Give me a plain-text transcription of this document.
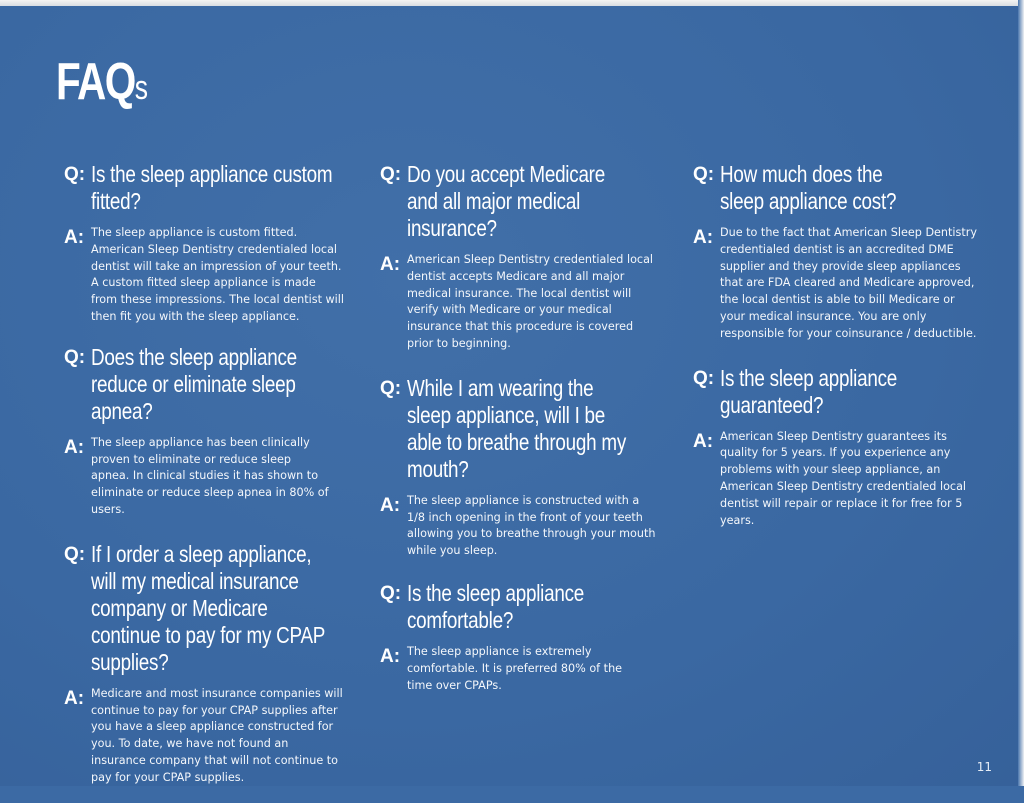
FAQs
Q: Is the sleep appliance custom fitted?
A: The sleep appliance is custom fitted. American Sleep Dentistry credentialed local dentist will take an impression of your teeth. A custom fitted sleep appliance is made from these impressions. The local dentist will then fit you with the sleep appliance.
Q: Does the sleep appliance reduce or eliminate sleep apnea?
A: The sleep appliance has been clinically proven to eliminate or reduce sleep apnea. In clinical studies it has shown to eliminate or reduce sleep apnea in 80% of users.
Q: If I order a sleep appliance, will my medical insurance company or Medicare continue to pay for my CPAP supplies?
A: Medicare and most insurance companies will continue to pay for your CPAP supplies after you have a sleep appliance constructed for you. To date, we have not found an insurance company that will not continue to pay for your CPAP supplies.
Q: Do you accept Medicare and all major medical insurance?
A: American Sleep Dentistry credentialed local dentist accepts Medicare and all major medical insurance. The local dentist will verify with Medicare or your medical insurance that this procedure is covered prior to beginning.
Q: While I am wearing the sleep appliance, will I be able to breathe through my mouth?
A: The sleep appliance is constructed with a 1/8 inch opening in the front of your teeth allowing you to breathe through your mouth while you sleep.
Q: Is the sleep appliance comfortable?
A: The sleep appliance is extremely comfortable. It is preferred 80% of the time over CPAPs.
Q: How much does the sleep appliance cost?
A: Due to the fact that American Sleep Dentistry credentialed dentist is an accredited DME supplier and they provide sleep appliances that are FDA cleared and Medicare approved, the local dentist is able to bill Medicare or your medical insurance. You are only responsible for your coinsurance / deductible.
Q: Is the sleep appliance guaranteed?
A: American Sleep Dentistry guarantees its quality for 5 years. If you experience any problems with your sleep appliance, an American Sleep Dentistry credentialed local dentist will repair or replace it for free for 5 years.
11
